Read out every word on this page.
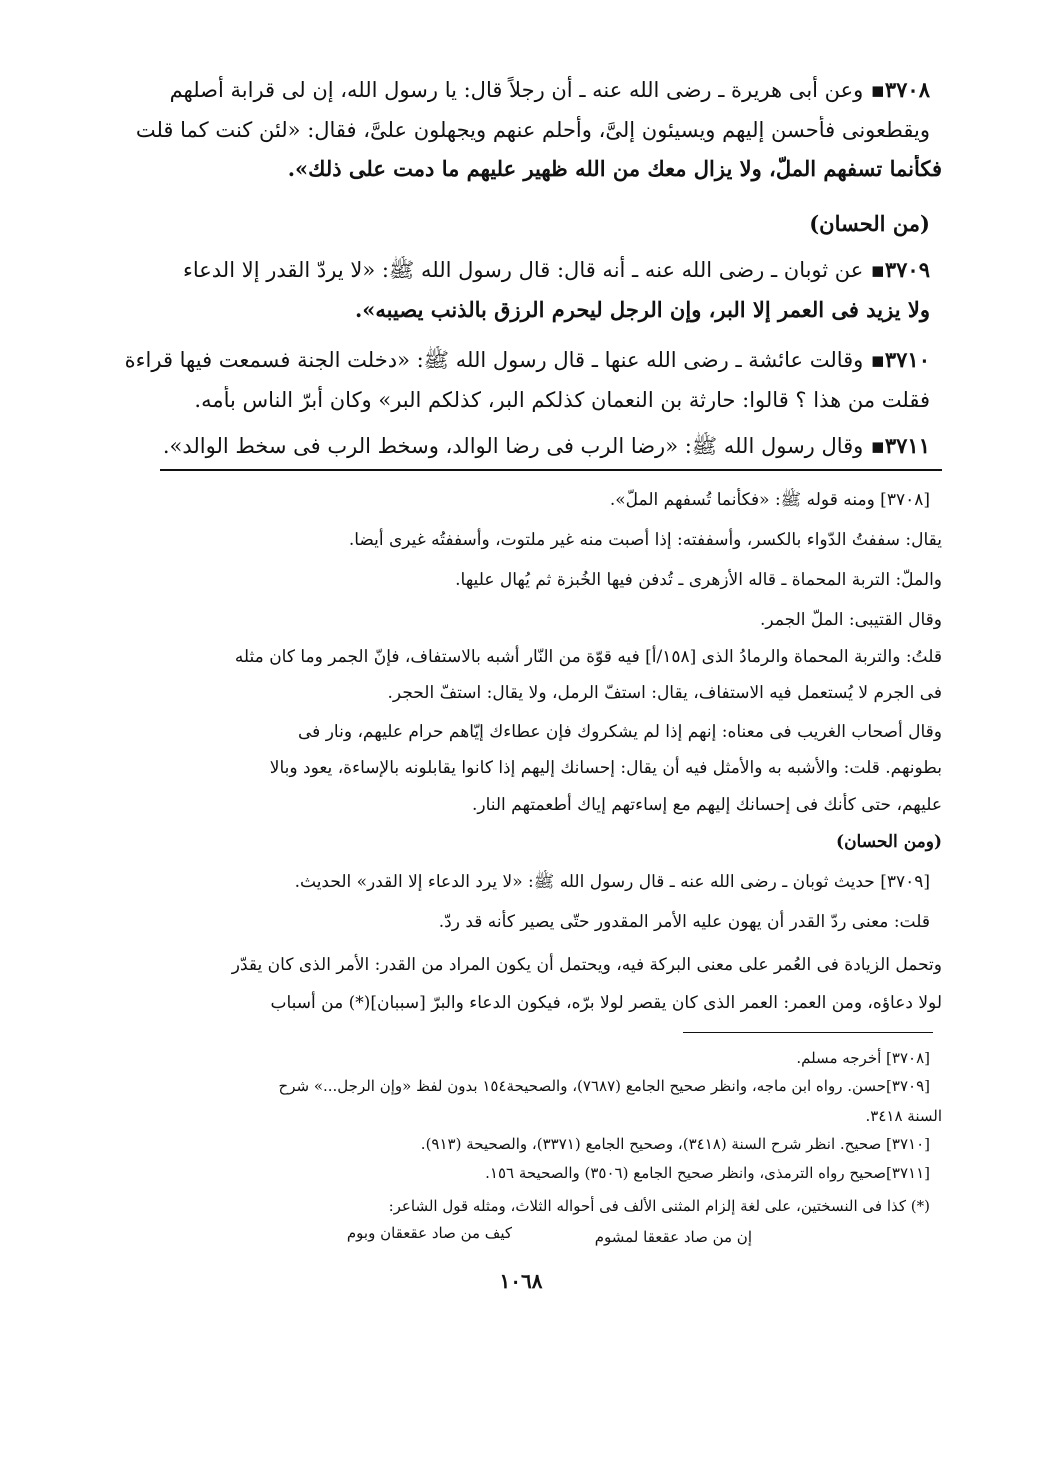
٣٧٠٨▪ وعن أبى هريرة ـ رضى الله عنه ـ أن رجلاً قال: يا رسول الله، إن لى قرابة أصلهم
ويقطعونى فأحسن إليهم ويسيئون إلىَّ، وأحلم عنهم ويجهلون علىَّ، فقال: «لئن كنت كما قلت
فكأنما تسفهم الملّ، ولا يزال معك من الله ظهير عليهم ما دمت على ذلك».
(من الحسان)
٣٧٠٩▪ عن ثوبان ـ رضى الله عنه ـ أنه قال: قال رسول الله ﷺ: «لا يردّ القدر إلا الدعاء
ولا يزيد فى العمر إلا البر، وإن الرجل ليحرم الرزق بالذنب يصيبه».
٣٧١٠▪ وقالت عائشة ـ رضى الله عنها ـ قال رسول الله ﷺ: «دخلت الجنة فسمعت فيها قراءة
فقلت من هذا ؟ قالوا: حارثة بن النعمان كذلكم البر، كذلكم البر» وكان أبرّ الناس بأمه.
٣٧١١▪ وقال رسول الله ﷺ: «رضا الرب فى رضا الوالد، وسخط الرب فى سخط الوالد».
[٣٧٠٨] ومنه قوله ﷺ: «فكأنما تُسفهم الملّ».
يقال: سففتُ الدّواء بالكسر، وأسففته: إذا أصبت منه غير ملتوت، وأسففتُه غيرى أيضا.
والملّ: التربة المحماة ـ قاله الأزهرى ـ تُدفن فيها الخُبزة ثم يُهال عليها.
وقال القتيبى: الملّ الجمر.
قلتُ: والتربة المحماة والرمادُ الذى [١٥٨/أ] فيه قوّة من النّار أشبه بالاستفاف، فإنّ الجمر وما كان مثله
فى الجرم لا يُستعمل فيه الاستفاف، يقال: استفّ الرمل، ولا يقال: استفّ الحجر.
وقال أصحاب الغريب فى معناه: إنهم إذا لم يشكروك فإن عطاءك إيّاهم حرام عليهم، ونار فى
بطونهم. قلت: والأشبه به والأمثل فيه أن يقال: إحسانك إليهم إذا كانوا يقابلونه بالإساءة، يعود وبالا
عليهم، حتى كأنك فى إحسانك إليهم مع إساءتهم إياك أطعمتهم النار.
(ومن الحسان)
[٣٧٠٩] حديث ثوبان ـ رضى الله عنه ـ قال رسول الله ﷺ: «لا يرد الدعاء إلا القدر» الحديث.
قلت: معنى ردّ القدر أن يهون عليه الأمر المقدور حتّى يصير كأنه قد ردّ.
وتحمل الزيادة فى العُمر على معنى البركة فيه، ويحتمل أن يكون المراد من القدر: الأمر الذى كان يقدّر
لولا دعاؤه، ومن العمر: العمر الذى كان يقصر لولا برّه، فيكون الدعاء والبرّ [سببان](*) من أسباب
[٣٧٠٨] أخرجه مسلم.
[٣٧٠٩]حسن. رواه ابن ماجه، وانظر صحيح الجامع (٧٦٨٧)، والصحيحة١٥٤ بدون لفظ «وإن الرجل...» شرح
السنة ٣٤١٨.
[٣٧١٠] صحيح. انظر شرح السنة (٣٤١٨)، وصحيح الجامع (٣٣٧١)، والصحيحة (٩١٣).
[٣٧١١]صحيح رواه الترمذى، وانظر صحيح الجامع (٣٥٠٦) والصحيحة ١٥٦.
(*) كذا فى النسختين، على لغة إلزام المثنى الألف فى أحواله الثلاث، ومثله قول الشاعر:
إن من صاد عقعقا لمشوم
كيف من صاد عقعقان وبوم
١٠٦٨
